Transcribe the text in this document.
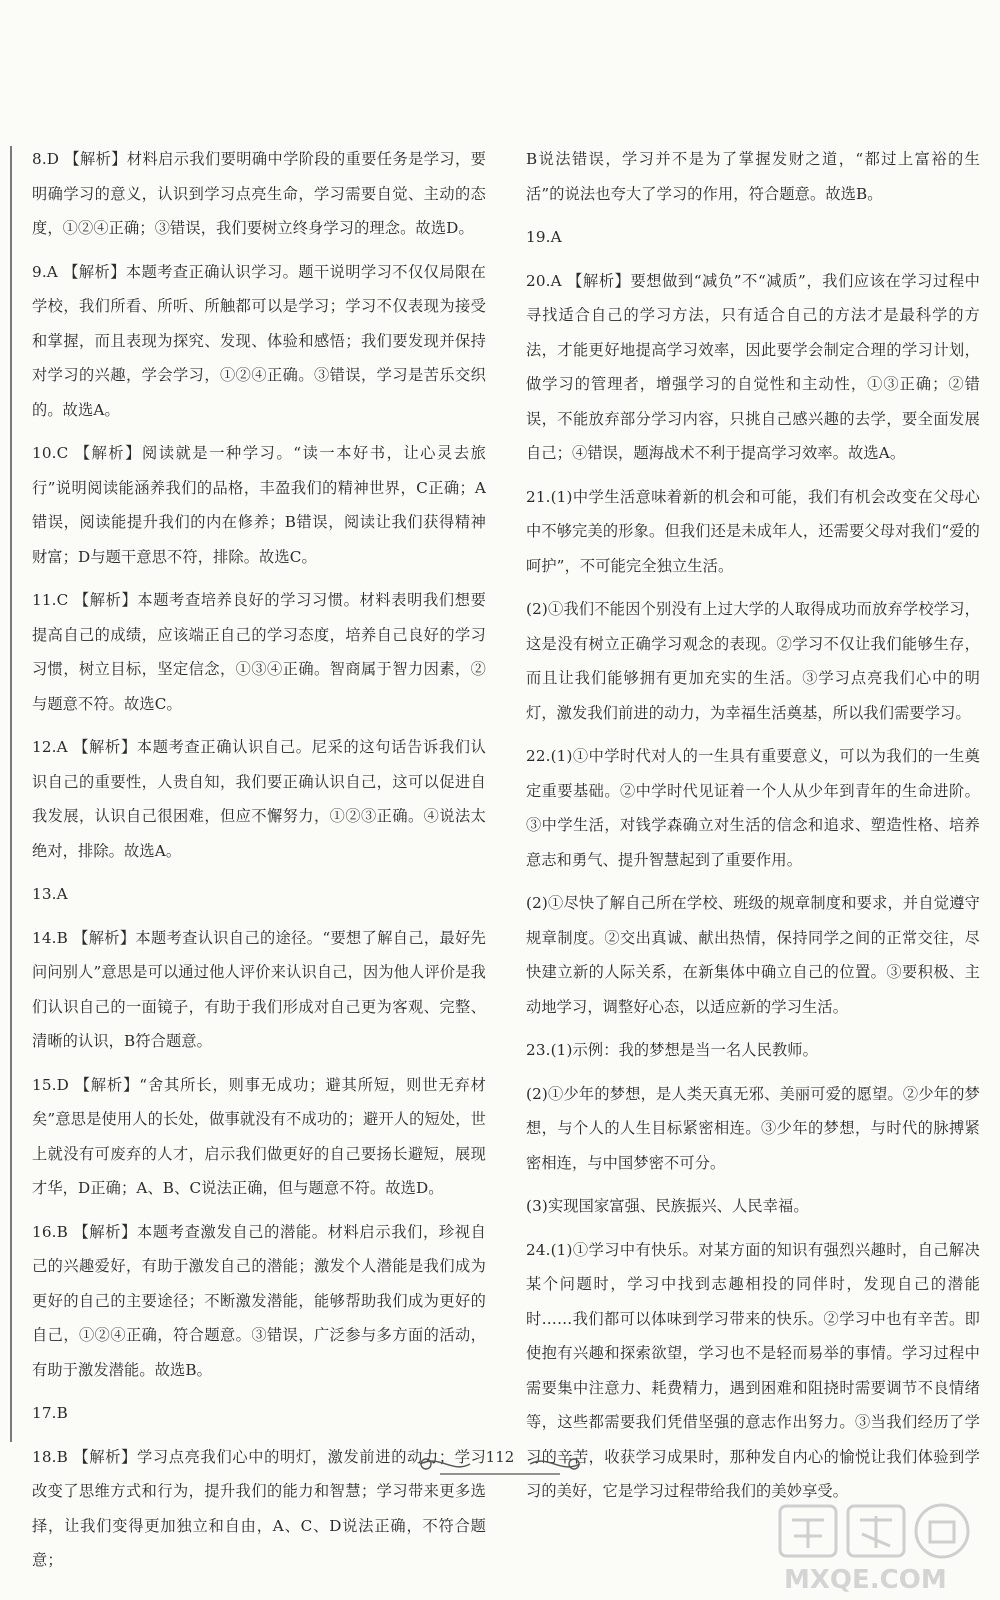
8.D 【解析】材料启示我们要明确中学阶段的重要任务是学习，要明确学习的意义，认识到学习点亮生命，学习需要自觉、主动的态度，①②④正确；③错误，我们要树立终身学习的理念。故选D。

9.A 【解析】本题考查正确认识学习。题干说明学习不仅仅局限在学校，我们所看、所听、所触都可以是学习；学习不仅表现为接受和掌握，而且表现为探究、发现、体验和感悟；我们要发现并保持对学习的兴趣，学会学习，①②④正确。③错误，学习是苦乐交织的。故选A。

10.C 【解析】阅读就是一种学习。“读一本好书，让心灵去旅行”说明阅读能涵养我们的品格，丰盈我们的精神世界，C正确；A错误，阅读能提升我们的内在修养；B错误，阅读让我们获得精神财富；D与题干意思不符，排除。故选C。

11.C 【解析】本题考查培养良好的学习习惯。材料表明我们想要提高自己的成绩，应该端正自己的学习态度，培养自己良好的学习习惯，树立目标，坚定信念，①③④正确。智商属于智力因素，②与题意不符。故选C。

12.A 【解析】本题考查正确认识自己。尼采的这句话告诉我们认识自己的重要性，人贵自知，我们要正确认识自己，这可以促进自我发展，认识自己很困难，但应不懈努力，①②③正确。④说法太绝对，排除。故选A。

13.A

14.B 【解析】本题考查认识自己的途径。“要想了解自己，最好先问问别人”意思是可以通过他人评价来认识自己，因为他人评价是我们认识自己的一面镜子，有助于我们形成对自己更为客观、完整、清晰的认识，B符合题意。

15.D 【解析】“舍其所长，则事无成功；避其所短，则世无弃材矣”意思是使用人的长处，做事就没有不成功的；避开人的短处，世上就没有可废弃的人才，启示我们做更好的自己要扬长避短，展现才华，D正确；A、B、C说法正确，但与题意不符。故选D。

16.B 【解析】本题考查激发自己的潜能。材料启示我们，珍视自己的兴趣爱好，有助于激发自己的潜能；激发个人潜能是我们成为更好的自己的主要途径；不断激发潜能，能够帮助我们成为更好的自己，①②④正确，符合题意。③错误，广泛参与多方面的活动，有助于激发潜能。故选B。

17.B

18.B 【解析】学习点亮我们心中的明灯，激发前进的动力；学习改变了思维方式和行为，提升我们的能力和智慧；学习带来更多选择，让我们变得更加独立和自由，A、C、D说法正确，不符合题意；

B说法错误，学习并不是为了掌握发财之道，“都过上富裕的生活”的说法也夸大了学习的作用，符合题意。故选B。

19.A

20.A 【解析】要想做到“减负”不“减质”，我们应该在学习过程中寻找适合自己的学习方法，只有适合自己的方法才是最科学的方法，才能更好地提高学习效率，因此要学会制定合理的学习计划，做学习的管理者，增强学习的自觉性和主动性，①③正确；②错误，不能放弃部分学习内容，只挑自己感兴趣的去学，要全面发展自己；④错误，题海战术不利于提高学习效率。故选A。

21.(1)中学生活意味着新的机会和可能，我们有机会改变在父母心中不够完美的形象。但我们还是未成年人，还需要父母对我们“爱的呵护”，不可能完全独立生活。

(2)①我们不能因个别没有上过大学的人取得成功而放弃学校学习，这是没有树立正确学习观念的表现。②学习不仅让我们能够生存，而且让我们能够拥有更加充实的生活。③学习点亮我们心中的明灯，激发我们前进的动力，为幸福生活奠基，所以我们需要学习。

22.(1)①中学时代对人的一生具有重要意义，可以为我们的一生奠定重要基础。②中学时代见证着一个人从少年到青年的生命进阶。③中学生活，对钱学森确立对生活的信念和追求、塑造性格、培养意志和勇气、提升智慧起到了重要作用。

(2)①尽快了解自己所在学校、班级的规章制度和要求，并自觉遵守规章制度。②交出真诚、献出热情，保持同学之间的正常交往，尽快建立新的人际关系，在新集体中确立自己的位置。③要积极、主动地学习，调整好心态，以适应新的学习生活。

23.(1)示例：我的梦想是当一名人民教师。

(2)①少年的梦想，是人类天真无邪、美丽可爱的愿望。②少年的梦想，与个人的人生目标紧密相连。③少年的梦想，与时代的脉搏紧密相连，与中国梦密不可分。

(3)实现国家富强、民族振兴、人民幸福。

24.(1)①学习中有快乐。对某方面的知识有强烈兴趣时，自己解决某个问题时，学习中找到志趣相投的同伴时，发现自己的潜能时……我们都可以体味到学习带来的快乐。②学习中也有辛苦。即使抱有兴趣和探索欲望，学习也不是轻而易举的事情。学习过程中需要集中注意力、耗费精力，遇到困难和阻挠时需要调节不良情绪等，这些都需要我们凭借坚强的意志作出努力。③当我们经历了学习的辛苦，收获学习成果时，那种发自内心的愉悦让我们体验到学习的美好，它是学习过程带给我们的美妙享受。

112
MXQE.COM
